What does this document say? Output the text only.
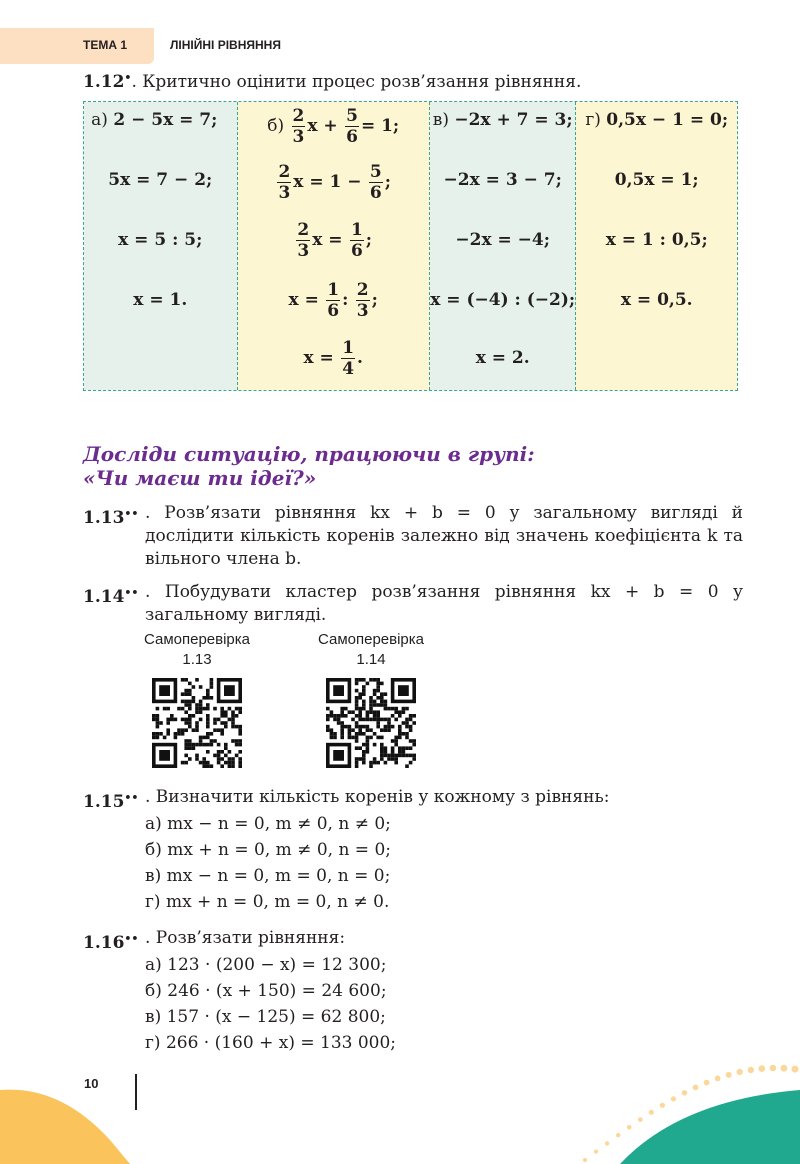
ТЕМА 1	ЛІНІЙНІ РІВНЯННЯ
1.12•. Критично оцінити процес розв’язання рівняння.
а) 2 − 5x = 7;
5x = 7 − 2;
x = 5 : 5;
x = 1.
$б) \frac{2}{3}$ $x + \frac{5}{6} = 1$;
$\frac{2}{3}$ $x = 1 - \frac{5}{6}$ ;
$\frac{2}{3}$ $x = \frac{1}{6}$ ;
$x = \frac{1}{6}$ : $\frac{2}{3}$ ;
$x = \frac{1}{4}$ .
в) −2x + 7 = 3;
−2x = 3 − 7;
−2x = −4;
x = (−4) : (−2);
x = 2.
г) 0,5x − 1 = 0;
0,5x = 1;
x = 1 : 0,5;
x = 0,5.
Досліди ситуацію, працюючи в групі:
«Чи маєш ти ідеї?»
1.13•• . Розв’язати рівняння kx + b = 0 у загальному вигляді й дослідити кількість коренів залежно від значень коефіцієнта k та вільного члена b.
1.14•• . Побудувати кластер розв’язання рівняння kx + b = 0 у загальному вигляді.
Самоперевірка
1.13
Самоперевірка
1.14
1.15•• . Визначити кількість коренів у кожному з рівнянь:
а) mx − n = 0, m ≠ 0, n ≠ 0;
б) mx + n = 0, m ≠ 0, n = 0;
в) mx − n = 0, m = 0, n = 0;
г) mx + n = 0, m = 0, n ≠ 0.
1.16•• . Розв’язати рівняння:
а) 123 · (200 − x) = 12 300;
б) 246 · (x + 150) = 24 600;
в) 157 · (x − 125) = 62 800;
г) 266 · (160 + x) = 133 000;
10
